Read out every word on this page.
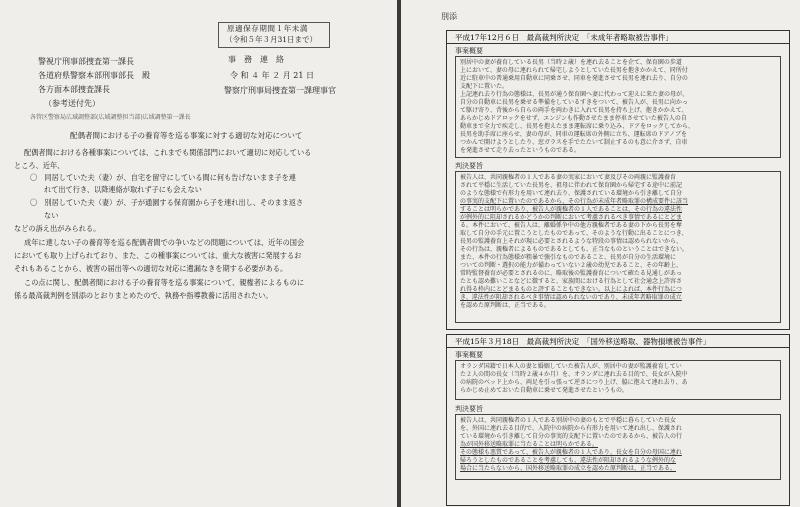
原適保存期間１年未満
（令和５年３月31日まで）
警視庁刑事部捜査第一課長
各道府県警察本部刑事部長　殿
各方面本部捜査課長
（参考送付先）
事　務　連　絡
令 和 ４ 年 ２ 月 21 日
警察庁刑事局捜査第一課理事官
各管区警察局広域調整部(広域調整担当部)広域調整第一課長
配偶者間における子の養育等を巡る事案に対する適切な対応について
配偶者間における各種事案については、これまでも関係部門において適切に対応している
ところ、近年、
〇　同居していた夫（妻）が、自宅を留守にしている間に何も告げないまま子を連
れて出て行き、以降連絡が取れず子にも会えない
〇　別居していた夫（妻）が、子が通園する保育園から子を連れ出し、そのまま返さ
ない
などの訴え出がみられる。
成年に達しない子の養育等を巡る配偶者間での争いなどの問題については、近年の国会
においても取り上げられており、また、この種事案については、重大な被害に発展するお
それもあることから、被害の届出等への適切な対応に遺漏なきを期する必要がある。
この点に関し、配偶者間における子の養育等を巡る事案について、親権者によるものに
係る最高裁判例を別添のとおりまとめたので、執務や指導教養に活用されたい。
別添
平成17年12月６日　最高裁判所決定　「未成年者略取被告事件」
事案概要
別居中の妻が養育している長男（当時２歳）を連れ去ることを企て、保育園の歩道
上において、妻の母に連れられて帰宅しようとしていた長男を抱きかかえて、同所付
近に駐車中の普通乗用自動車に同乗させ、同車を発進させて長男を連れ去り、自分の
支配下に置いた。
上記連れ去り行為の態様は、長男が通う保育園へ妻に代わって迎えに来た妻の母が、
自分の自動車に長男を乗せる準備をしているすきをついて、被告人が、長男に向かっ
て駆け寄り、背後から自らの両手を両わきに入れて長男を持ち上げ、抱きかかえて、
あらかじめドアロックをせず、エンジンも作動させたまま停車させていた被告人の自
動車まで全力で疾走し、長男を抱えたまま運転席に乗り込み、ドアをロックしてから、
長男を助手席に座らせ、妻の母が、同車の運転席の外側に立ち、運転席のドアノブを
つかんで開けようとしたり、窓ガラスを手でたたいて制止するのも意に介さず、自車
を発進させて走り去ったというものである。
判決要旨
被告人は、共同親権者の１人である妻の実家において妻及びその両親に監護養育
されて平穏に生活していた長男を、祖母に伴われて保育園から帰宅する途中に前記
のような態様で有形力を用いて連れ去り、保護されている環境から引き離して自分
の事実的支配下に置いたのであるから、その行為が未成年者略取罪の構成要件に該当
することは明らかであり、被告人が親権者の１人であることは、その行為の違法性
が例外的に阻却されるかどうかの判断において考慮されるべき事情であるにとどま
る。本件において、被告人は、離婚係争中の他方親権者である妻の下から長男を奪
取して自分の手元に置こうとしたものであって、そのような行動に出ることにつき、
長男の監護養育上それが現に必要とされるような特段の事情は認められないから、
その行為は、親権者によるものであるとしても、正当なものということはできない。
また、本件の行為態様が粗暴で強引なものであること、長男が自分の生活環境に
ついての判断・選択の能力が備わっていない２歳の幼児であること、その年齢上、
常時監督養育が必要とされるのに、略取後の監護養育について確たる見通しがあっ
たとも認め難いことなどに徴すると、家族間における行為として社会通念上許容さ
れ得る枠内にとどまるものと評することもできない。以上によれば、本件行為につ
き、違法性が阻却されるべき事情は認められないのであり、未成年者略取罪の成立
を認めた原判断は、正当である。
平成15年３月18日　最高裁判所決定　「国外移送略取、器物損壊被告事件」
事案概要
オランダ国籍で日本人の妻と婚姻していた被告人が、別居中の妻が監護養育してい
た２人の間の長女（当時２歳４か月）を、オランダに連れ去る目的で、長女が入院中
の病院のベッド上から、両足を引っ張って逆さにつり上げ、脇に抱えて連れ去り、あ
らかじめ止めておいた自動車に乗せて発進させたというもの。
判決要旨
被告人は、共同親権者の１人である別居中の妻のもとで平穏に暮らしていた長女
を、外国に連れ去る目的で、入院中の病院から有形力を用いて連れ出し、保護され
ている環境から引き離して自分の事実的支配下に置いたのであるから、被告人の行
為が国外移送略取罪に当たることは明らかである。
その態様も悪質であって、被告人が親権者の１人であり、長女を自分の母国に連れ
帰ろうとしたものであることを考慮しても、違法性が阻却されるような例外的な
場合に当たらないから、国外移送略取罪の成立を認めた原判断は、正当である。
